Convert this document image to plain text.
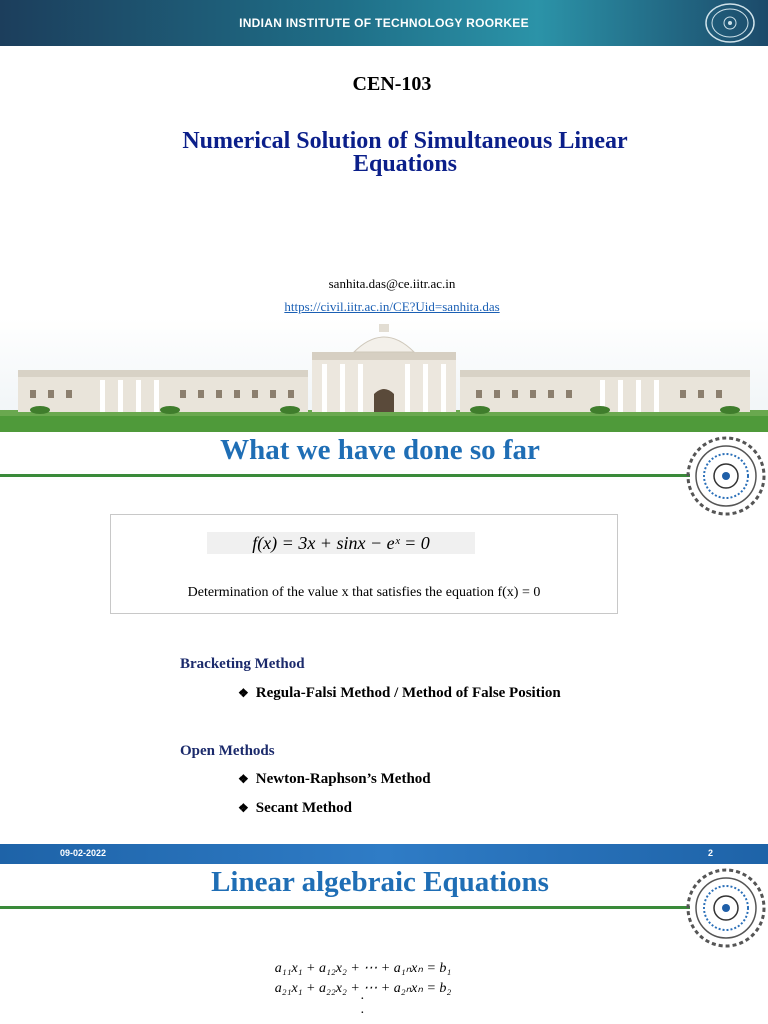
INDIAN INSTITUTE OF TECHNOLOGY ROORKEE
CEN-103
Numerical Solution of Simultaneous Linear
Equations
sanhita.das@ce.iitr.ac.in
https://civil.iitr.ac.in/CE?Uid=sanhita.das
What we have done so far
f(x) = 3x + sinx − eˣ = 0
Determination of the value x that satisfies the equation f(x) = 0
Bracketing Method
❖ Regula-Falsi Method / Method of False Position
Open Methods
❖ Newton-Raphson’s Method
❖ Secant Method
09-02-2022	2
Linear algebraic Equations
a₁₁x₁ + a₁₂x₂ + ⋯ + a₁ₙxₙ = b₁
a₂₁x₁ + a₂₂x₂ + ⋯ + a₂ₙxₙ = b₂
·
·
